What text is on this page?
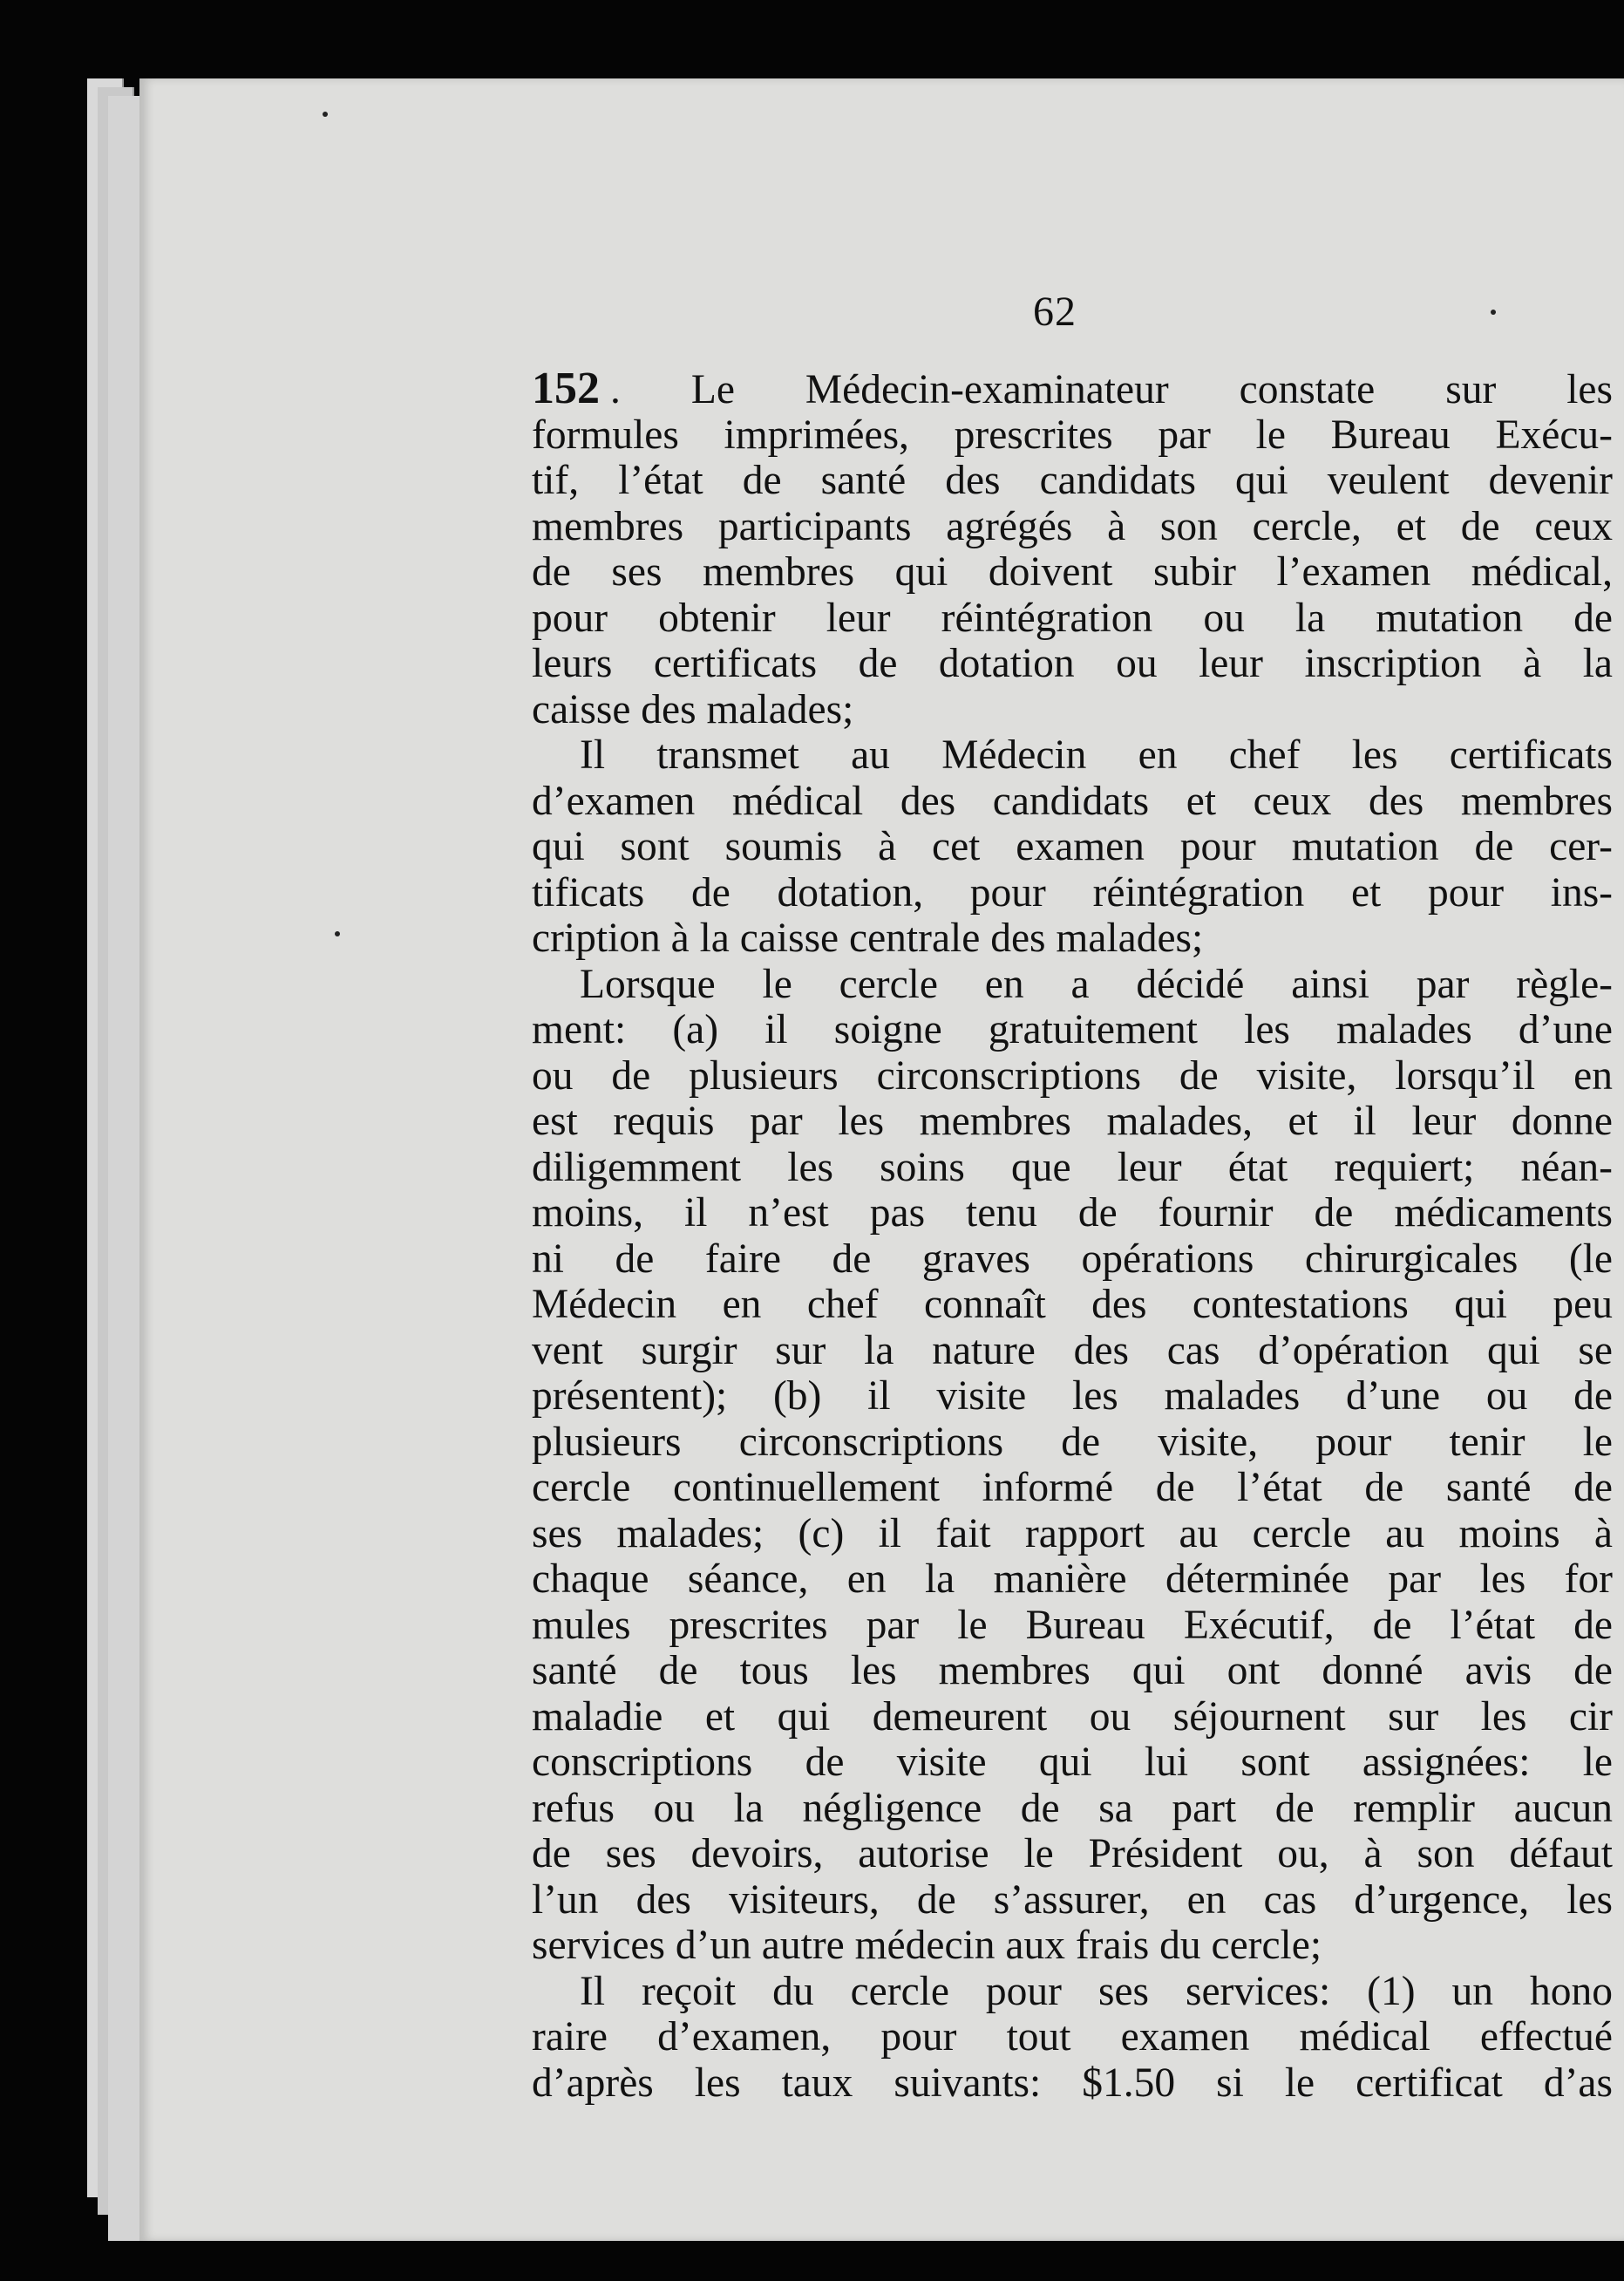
62
152 . Le Médecin-examinateur constate sur les
formules imprimées, prescrites par le Bureau Exécu-
tif, l’état de santé des candidats qui veulent devenir
membres participants agrégés à son cercle, et de ceux
de ses membres qui doivent subir l’examen médical,
pour obtenir leur réintégration ou la mutation de
leurs certificats de dotation ou leur inscription à la
caisse des malades;
Il transmet au Médecin en chef les certificats
d’examen médical des candidats et ceux des membres
qui sont soumis à cet examen pour mutation de cer-
tificats de dotation, pour réintégration et pour ins-
cription à la caisse centrale des malades;
Lorsque le cercle en a décidé ainsi par règle-
ment: (a) il soigne gratuitement les malades d’une
ou de plusieurs circonscriptions de visite, lorsqu’il en
est requis par les membres malades, et il leur donne
diligemment les soins que leur état requiert; néan-
moins, il n’est pas tenu de fournir de médicaments
ni de faire de graves opérations chirurgicales (le
Médecin en chef connaît des contestations qui peu
vent surgir sur la nature des cas d’opération qui se
présentent); (b) il visite les malades d’une ou de
plusieurs circonscriptions de visite, pour tenir le
cercle continuellement informé de l’état de santé de
ses malades; (c) il fait rapport au cercle au moins à
chaque séance, en la manière déterminée par les for
mules prescrites par le Bureau Exécutif, de l’état de
santé de tous les membres qui ont donné avis de
maladie et qui demeurent ou séjournent sur les cir
conscriptions de visite qui lui sont assignées: le
refus ou la négligence de sa part de remplir aucun
de ses devoirs, autorise le Président ou, à son défaut
l’un des visiteurs, de s’assurer, en cas d’urgence, les
services d’un autre médecin aux frais du cercle;
Il reçoit du cercle pour ses services: (1) un hono
raire d’examen, pour tout examen médical effectué
d’après les taux suivants: $1.50 si le certificat d’as
